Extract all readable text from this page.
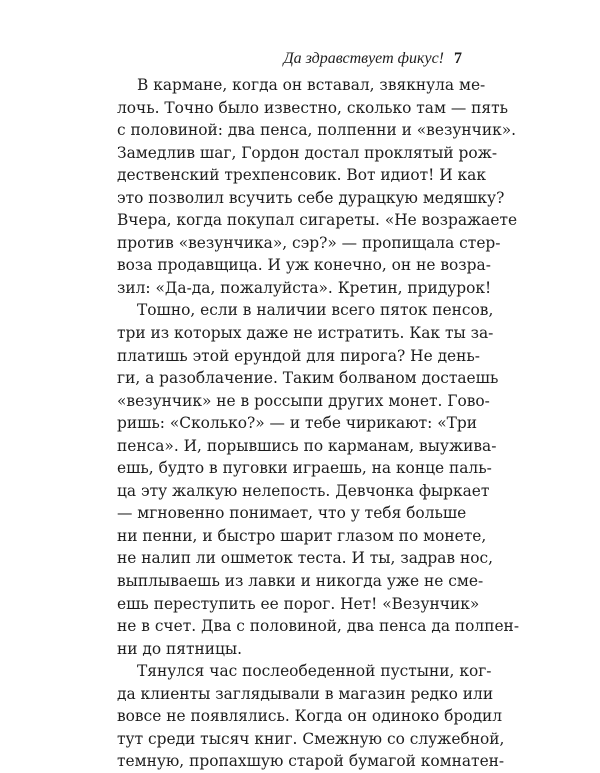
Да здравствует фикус! 7
В кармане, когда он вставал, звякнула ме-
лочь. Точно было известно, сколько там — пять
с половиной: два пенса, полпенни и «везунчик».
Замедлив шаг, Гордон достал проклятый рож-
дественский трехпенсовик. Вот идиот! И как
это позволил всучить себе дурацкую медяшку?
Вчера, когда покупал сигареты. «Не возражаете
против «везунчика», сэр?» — пропищала стер-
воза продавщица. И уж конечно, он не возра-
зил: «Да-да, пожалуйста». Кретин, придурок!
Тошно, если в наличии всего пяток пенсов,
три из которых даже не истратить. Как ты за-
платишь этой ерундой для пирога? Не день-
ги, а разоблачение. Таким болваном достаешь
«везунчик» не в россыпи других монет. Гово-
ришь: «Сколько?» — и тебе чирикают: «Три
пенса». И, порывшись по карманам, выужива-
ешь, будто в пуговки играешь, на конце паль-
ца эту жалкую нелепость. Девчонка фыркает
— мгновенно понимает, что у тебя больше
ни пенни, и быстро шарит глазом по монете,
не налип ли ошметок теста. И ты, задрав нос,
выплываешь из лавки и никогда уже не сме-
ешь переступить ее порог. Нет! «Везунчик»
не в счет. Два с половиной, два пенса да полпен-
ни до пятницы.
Тянулся час послеобеденной пустыни, ког-
да клиенты заглядывали в магазин редко или
вовсе не появлялись. Когда он одиноко бродил
тут среди тысяч книг. Смежную со служебной,
темную, пропахшую старой бумагой комнатен-
